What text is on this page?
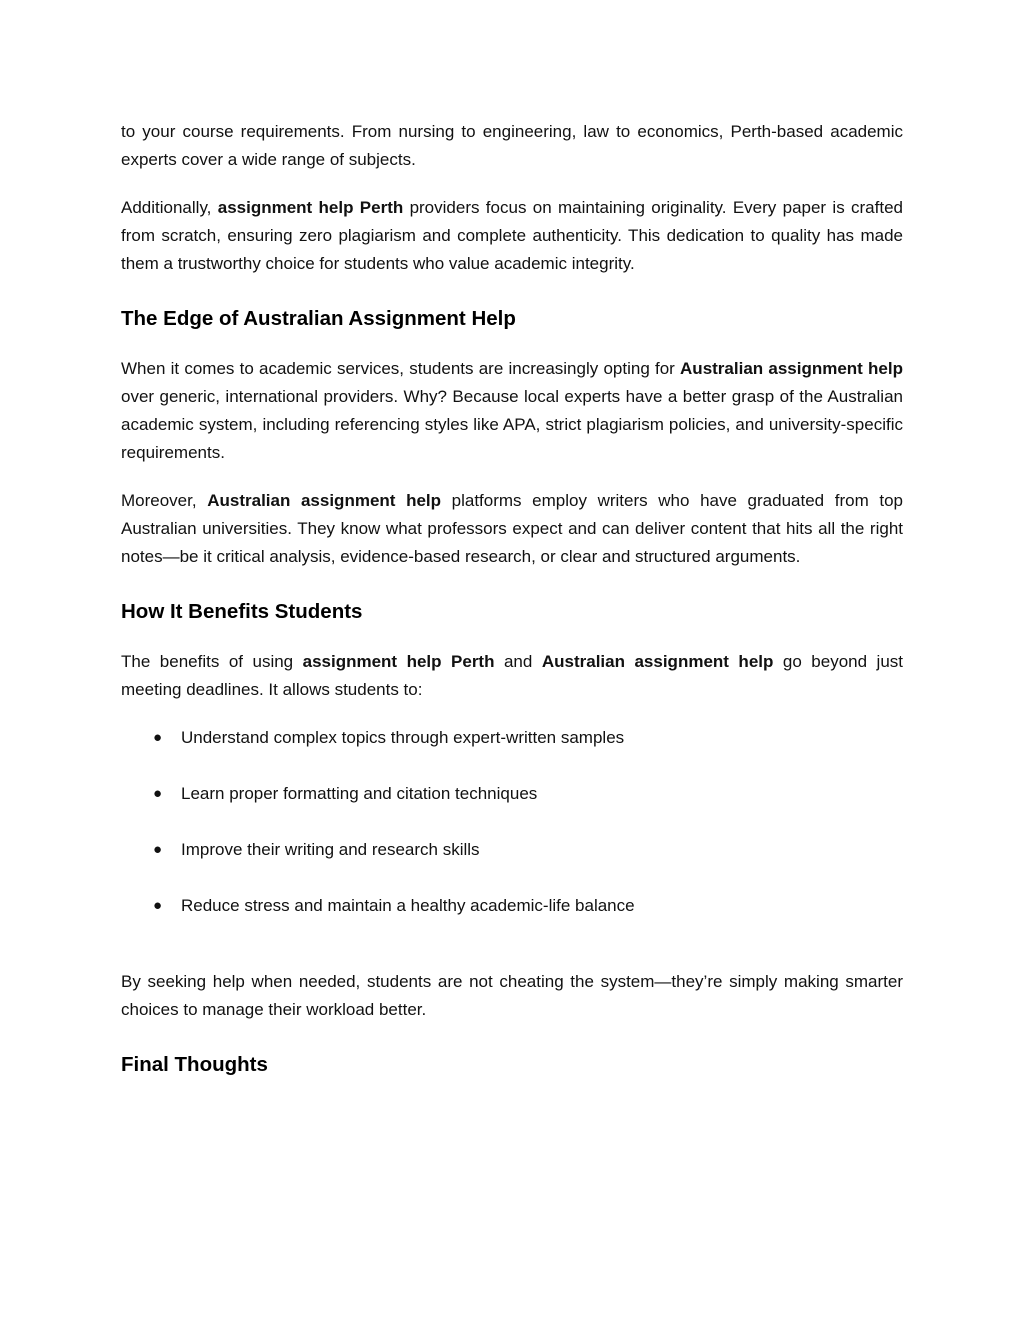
to your course requirements. From nursing to engineering, law to economics, Perth-based academic experts cover a wide range of subjects.

Additionally, assignment help Perth providers focus on maintaining originality. Every paper is crafted from scratch, ensuring zero plagiarism and complete authenticity. This dedication to quality has made them a trustworthy choice for students who value academic integrity.

The Edge of Australian Assignment Help

When it comes to academic services, students are increasingly opting for Australian assignment help over generic, international providers. Why? Because local experts have a better grasp of the Australian academic system, including referencing styles like APA, strict plagiarism policies, and university-specific requirements.

Moreover, Australian assignment help platforms employ writers who have graduated from top Australian universities. They know what professors expect and can deliver content that hits all the right notes—be it critical analysis, evidence-based research, or clear and structured arguments.

How It Benefits Students

The benefits of using assignment help Perth and Australian assignment help go beyond just meeting deadlines. It allows students to:

● Understand complex topics through expert-written samples
● Learn proper formatting and citation techniques
● Improve their writing and research skills
● Reduce stress and maintain a healthy academic-life balance

By seeking help when needed, students are not cheating the system—they’re simply making smarter choices to manage their workload better.

Final Thoughts
